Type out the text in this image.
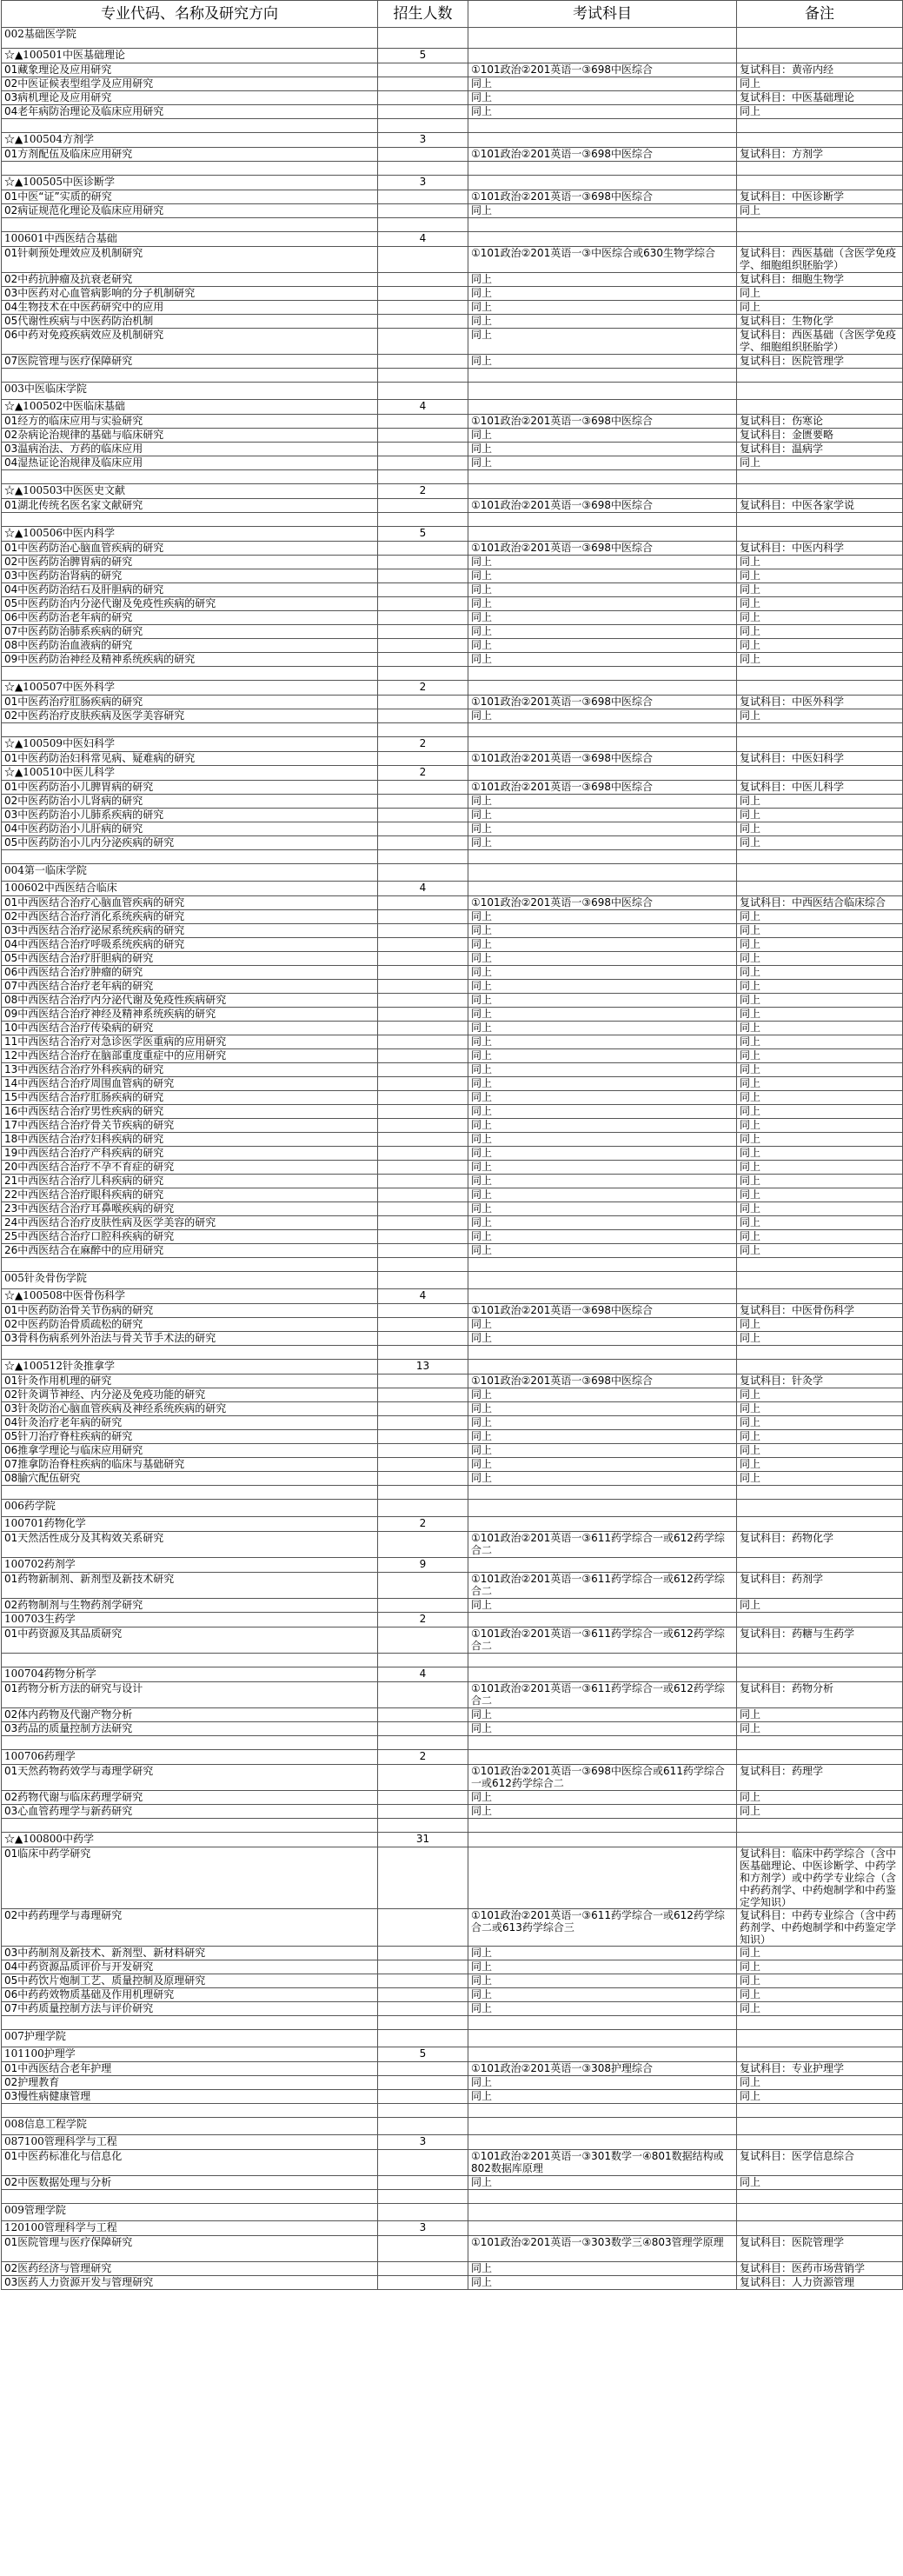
专业代码、名称及研究方向	招生人数	考试科目	备注
002基础医学院			
☆▲100501中医基础理论	5		
01藏象理论及应用研究		①101政治②201英语一③698中医综合	复试科目：黄帝内经
02中医证候表型组学及应用研究		同上	同上
03病机理论及应用研究		同上	复试科目：中医基础理论
04老年病防治理论及临床应用研究		同上	同上

☆▲100504方剂学	3		
01方剂配伍及临床应用研究		①101政治②201英语一③698中医综合	复试科目：方剂学

☆▲100505中医诊断学	3		
01中医“证”实质的研究		①101政治②201英语一③698中医综合	复试科目：中医诊断学
02病证规范化理论及临床应用研究		同上	同上

100601中西医结合基础	4		
01针刺预处理效应及机制研究		①101政治②201英语一③中医综合或630生物学综合	复试科目：西医基础（含医学免疫学、细胞组织胚胎学）
02中药抗肿瘤及抗衰老研究		同上	复试科目：细胞生物学
03中医药对心血管病影响的分子机制研究		同上	同上
04生物技术在中医药研究中的应用		同上	同上
05代谢性疾病与中医药防治机制		同上	复试科目：生物化学
06中药对免疫疾病效应及机制研究		同上	复试科目：西医基础（含医学免疫学、细胞组织胚胎学）
07医院管理与医疗保障研究		同上	复试科目：医院管理学

003中医临床学院			
☆▲100502中医临床基础	4		
01经方的临床应用与实验研究		①101政治②201英语一③698中医综合	复试科目：伤寒论
02杂病论治规律的基础与临床研究		同上	复试科目：金匮要略
03温病治法、方药的临床应用		同上	复试科目：温病学
04湿热证论治规律及临床应用		同上	同上

☆▲100503中医医史文献	2		
01湖北传统名医名家文献研究		①101政治②201英语一③698中医综合	复试科目：中医各家学说

☆▲100506中医内科学	5		
01中医药防治心脑血管疾病的研究		①101政治②201英语一③698中医综合	复试科目：中医内科学
02中医药防治脾胃病的研究		同上	同上
03中医药防治肾病的研究		同上	同上
04中医药防治结石及肝胆病的研究		同上	同上
05中医药防治内分泌代谢及免疫性疾病的研究		同上	同上
06中医药防治老年病的研究		同上	同上
07中医药防治肺系疾病的研究		同上	同上
08中医药防治血液病的研究		同上	同上
09中医药防治神经及精神系统疾病的研究		同上	同上

☆▲100507中医外科学	2		
01中医药治疗肛肠疾病的研究		①101政治②201英语一③698中医综合	复试科目：中医外科学
02中医药治疗皮肤疾病及医学美容研究		同上	同上

☆▲100509中医妇科学	2		
01中医药防治妇科常见病、疑难病的研究		①101政治②201英语一③698中医综合	复试科目：中医妇科学
☆▲100510中医儿科学	2		
01中医药防治小儿脾胃病的研究		①101政治②201英语一③698中医综合	复试科目：中医儿科学
02中医药防治小儿肾病的研究		同上	同上
03中医药防治小儿肺系疾病的研究		同上	同上
04中医药防治小儿肝病的研究		同上	同上
05中医药防治小儿内分泌疾病的研究		同上	同上

004第一临床学院			
100602中西医结合临床	4		
01中西医结合治疗心脑血管疾病的研究		①101政治②201英语一③698中医综合	复试科目：中西医结合临床综合
02中西医结合治疗消化系统疾病的研究		同上	同上
03中西医结合治疗泌尿系统疾病的研究		同上	同上
04中西医结合治疗呼吸系统疾病的研究		同上	同上
05中西医结合治疗肝胆病的研究		同上	同上
06中西医结合治疗肿瘤的研究		同上	同上
07中西医结合治疗老年病的研究		同上	同上
08中西医结合治疗内分泌代谢及免疫性疾病研究		同上	同上
09中西医结合治疗神经及精神系统疾病的研究		同上	同上
10中西医结合治疗传染病的研究		同上	同上
11中西医结合治疗对急诊医学医重病的应用研究		同上	同上
12中西医结合治疗在脑部重度重症中的应用研究		同上	同上
13中西医结合治疗外科疾病的研究		同上	同上
14中西医结合治疗周围血管病的研究		同上	同上
15中西医结合治疗肛肠疾病的研究		同上	同上
16中西医结合治疗男性疾病的研究		同上	同上
17中西医结合治疗骨关节疾病的研究		同上	同上
18中西医结合治疗妇科疾病的研究		同上	同上
19中西医结合治疗产科疾病的研究		同上	同上
20中西医结合治疗不孕不育症的研究		同上	同上
21中西医结合治疗儿科疾病的研究		同上	同上
22中西医结合治疗眼科疾病的研究		同上	同上
23中西医结合治疗耳鼻喉疾病的研究		同上	同上
24中西医结合治疗皮肤性病及医学美容的研究		同上	同上
25中西医结合治疗口腔科疾病的研究		同上	同上
26中西医结合在麻醉中的应用研究		同上	同上

005针灸骨伤学院			
☆▲100508中医骨伤科学	4		
01中医药防治骨关节伤病的研究		①101政治②201英语一③698中医综合	复试科目：中医骨伤科学
02中医药防治骨质疏松的研究		同上	同上
03骨科伤病系列外治法与骨关节手术法的研究		同上	同上

☆▲100512针灸推拿学	13		
01针灸作用机理的研究		①101政治②201英语一③698中医综合	复试科目：针灸学
02针灸调节神经、内分泌及免疫功能的研究		同上	同上
03针灸防治心脑血管疾病及神经系统疾病的研究		同上	同上
04针灸治疗老年病的研究		同上	同上
05针刀治疗脊柱疾病的研究		同上	同上
06推拿学理论与临床应用研究		同上	同上
07推拿防治脊柱疾病的临床与基础研究		同上	同上
08腧穴配伍研究		同上	同上

006药学院			
100701药物化学	2		
01天然活性成分及其构效关系研究		①101政治②201英语一③611药学综合一或612药学综合二	复试科目：药物化学
100702药剂学	9		
01药物新制剂、新剂型及新技术研究		①101政治②201英语一③611药学综合一或612药学综合二	复试科目：药剂学
02药物制剂与生物药剂学研究		同上	同上
100703生药学	2		
01中药资源及其品质研究		①101政治②201英语一③611药学综合一或612药学综合二	复试科目：药糖与生药学

100704药物分析学	4		
01药物分析方法的研究与设计		①101政治②201英语一③611药学综合一或612药学综合二	复试科目：药物分析
02体内药物及代谢产物分析		同上	同上
03药品的质量控制方法研究		同上	同上

100706药理学	2		
01天然药物药效学与毒理学研究		①101政治②201英语一③698中医综合或611药学综合一或612药学综合二	复试科目：药理学
02药物代谢与临床药理学研究		同上	同上
03心血管药理学与新药研究		同上	同上

☆▲100800中药学	31		
01临床中药学研究			复试科目：临床中药学综合（含中医基础理论、中医诊断学、中药学和方剂学）或中药学专业综合（含中药药剂学、中药炮制学和中药鉴定学知识）
02中药药理学与毒理研究		①101政治②201英语一③611药学综合一或612药学综合二或613药学综合三	复试科目：中药专业综合（含中药药剂学、中药炮制学和中药鉴定学知识）
03中药制剂及新技术、新剂型、新材料研究		同上	同上
04中药资源品质评价与开发研究		同上	同上
05中药饮片炮制工艺、质量控制及原理研究		同上	同上
06中药药效物质基础及作用机理研究		同上	同上
07中药质量控制方法与评价研究		同上	同上

007护理学院			
101100护理学	5		
01中西医结合老年护理		①101政治②201英语一③308护理综合	复试科目：专业护理学
02护理教育		同上	同上
03慢性病健康管理		同上	同上

008信息工程学院			
087100管理科学与工程	3		
01中医药标准化与信息化		①101政治②201英语一③301数学一④801数据结构或802数据库原理	复试科目：医学信息综合
02中医数据处理与分析		同上	同上

009管理学院			
120100管理科学与工程	3		
01医院管理与医疗保障研究		①101政治②201英语一③303数学三④803管理学原理	复试科目：医院管理学
02医药经济与管理研究		同上	复试科目：医药市场营销学
03医药人力资源开发与管理研究		同上	复试科目：人力资源管理
